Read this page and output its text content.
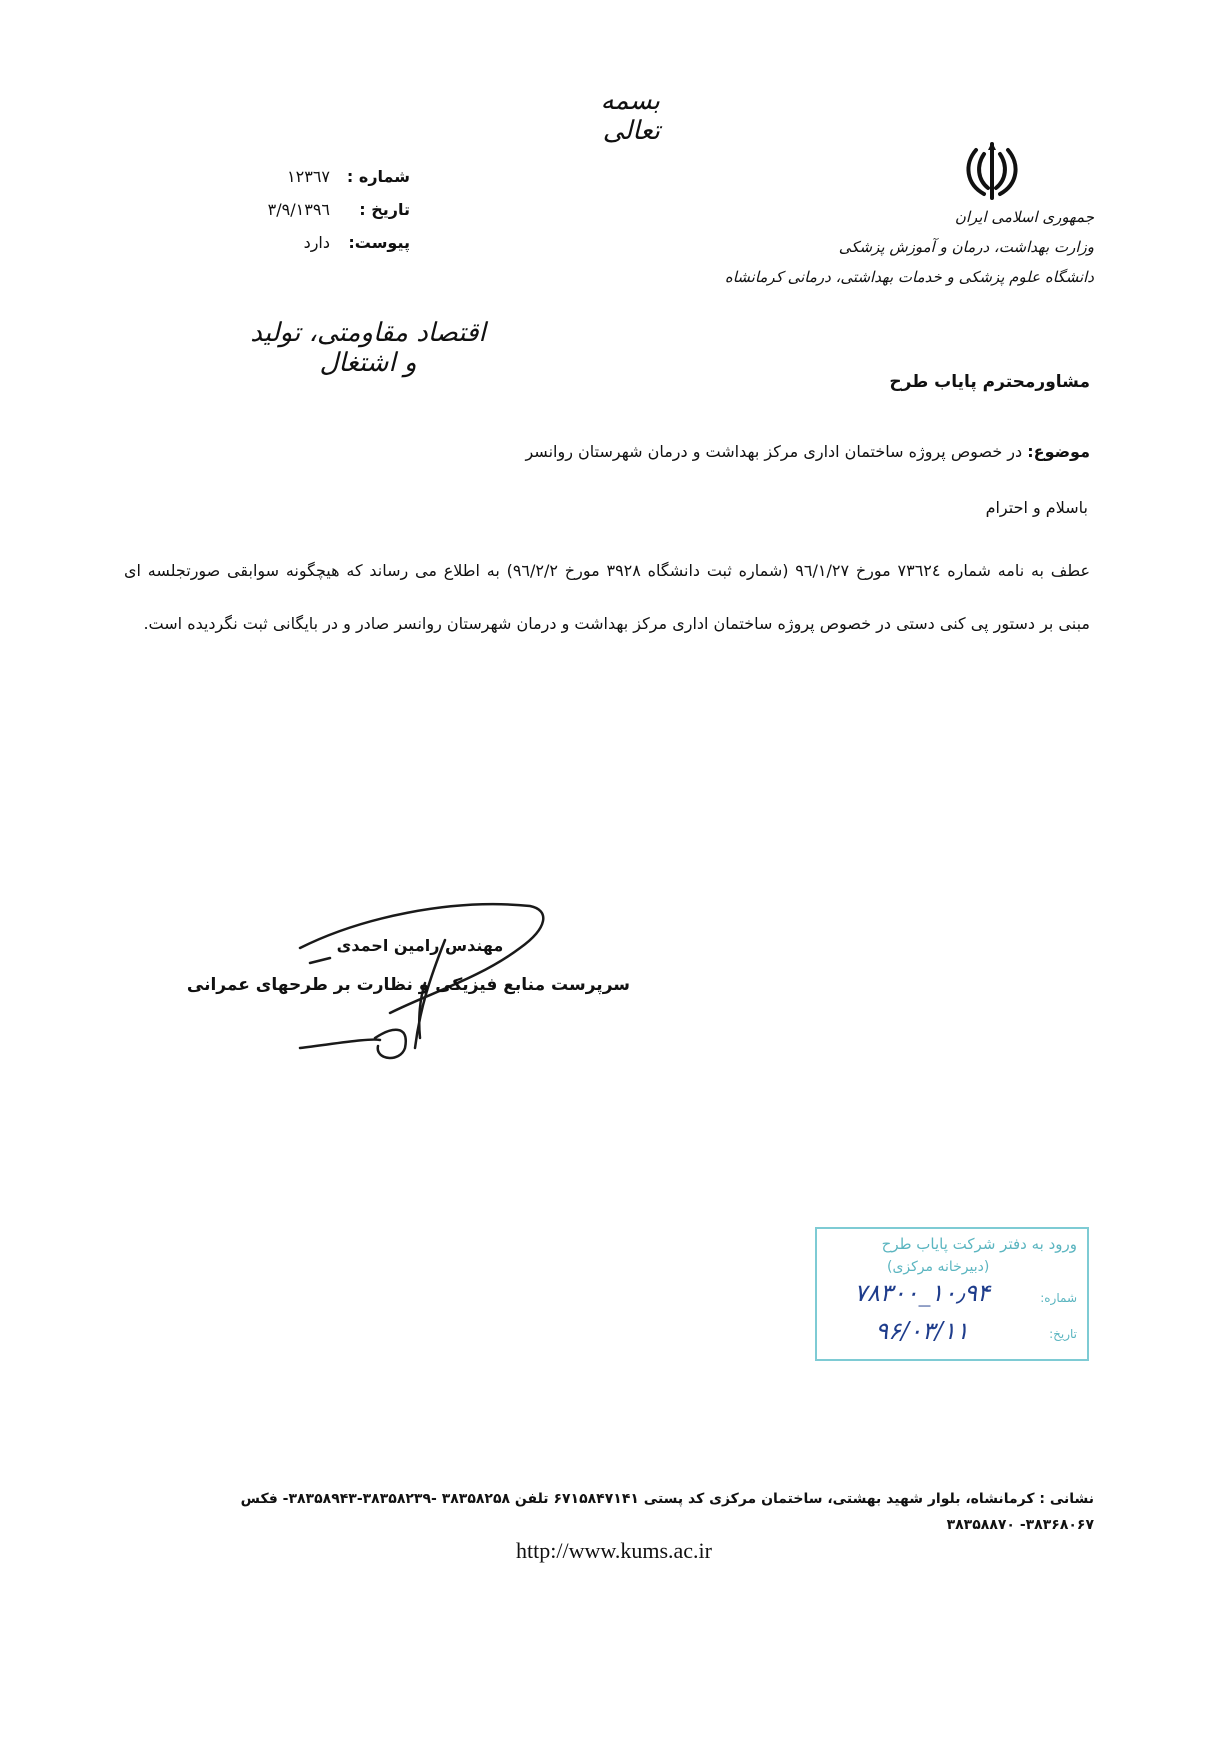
بسمه تعالی
جمهوری اسلامی ایران
وزارت بهداشت، درمان و آموزش پزشکی
دانشگاه علوم پزشکی و خدمات بهداشتی، درمانی کرمانشاه
شماره :
۱۲۳٦۷
تاریخ :
۱۳۹٦/۳/۹
پیوست:
دارد
اقتصاد مقاومتی، تولید و اشتغال
مشاورمحترم پایاب طرح
موضوع: در خصوص پروژه ساختمان اداری مرکز بهداشت و درمان شهرستان روانسر
باسلام و احترام
عطف به نامه شماره ۷۳٦۲٤ مورخ ۹٦/۱/۲۷ (شماره ثبت دانشگاه ۳۹۲۸ مورخ ۹٦/۲/۲) به اطلاع می رساند که هیچگونه سوابقی صورتجلسه ای مبنی بر دستور پی کنی دستی در خصوص پروژه ساختمان اداری مرکز بهداشت و درمان شهرستان روانسر صادر و در بایگانی ثبت نگردیده است.
مهندس رامین احمدی
سرپرست منابع فیزیکی و نظارت بر طرحهای عمرانی
ورود به دفتر شرکت پایاب طرح
(دبیرخانه مرکزی)
شماره:
تاریخ:
۱۰٫۹۴_۷۸۳۰۰
۹۶/۰۳/۱۱
نشانی : کرمانشاه، بلوار شهید بهشتی، ساختمان مرکزی کد پستی ۶۷۱۵۸۴۷۱۴۱ تلفن ۳۸۳۵۸۲۵۸ -۳۸۳۵۸۲۳۹-۳۸۳۵۸۹۴۳- فکس ۳۸۳۶۸۰۶۷- ۳۸۳۵۸۸۷۰
http://www.kums.ac.ir
